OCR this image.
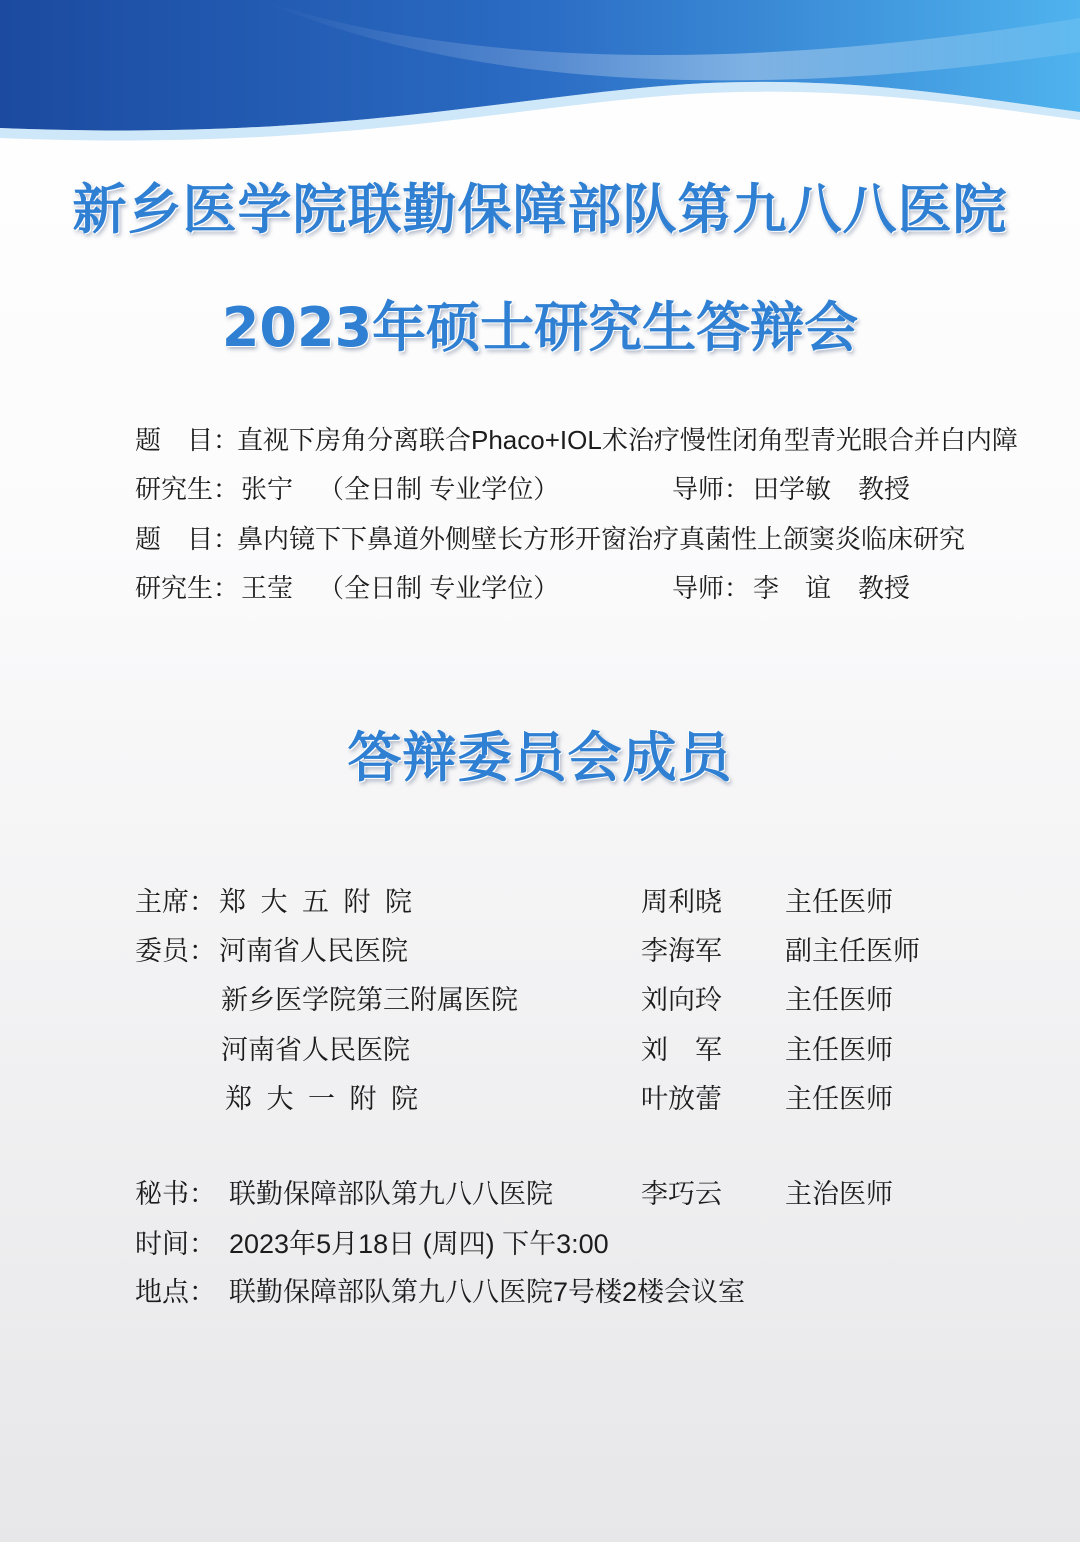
新乡医学院联勤保障部队第九八八医院
2023年硕士研究生答辩会
题　目：
直视下房角分离联合Phaco+IOL术治疗慢性闭角型青光眼合并白内障
研究生： 张宁 （全日制 专业学位）	导师： 田学敏 教授
题　目：
鼻内镜下下鼻道外侧壁长方形开窗治疗真菌性上颌窦炎临床研究
研究生： 王莹 （全日制 专业学位）	导师： 李　谊 教授
答辩委员会成员
主席： 郑 大 五 附 院	周利晓 主任医师
委员： 河南省人民医院	李海军 副主任医师
新乡医学院第三附属医院	刘向玲 主任医师
河南省人民医院	刘　军 主任医师
郑 大 一 附 院	叶放蕾 主任医师
秘书： 联勤保障部队第九八八医院	李巧云 主治医师
时间： 2023年5月18日 (周四) 下午3:00
地点： 联勤保障部队第九八八医院7号楼2楼会议室
